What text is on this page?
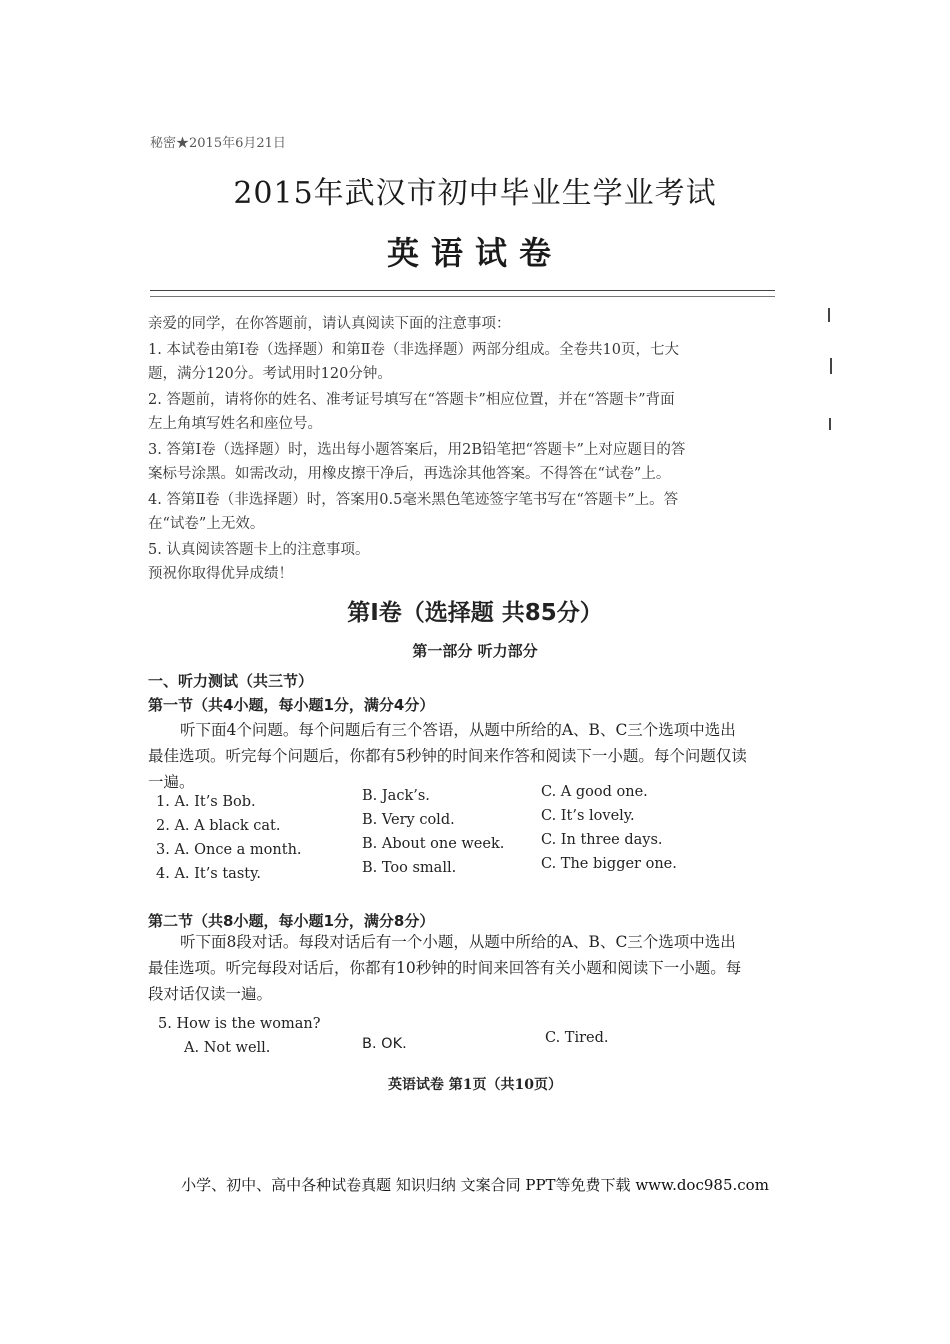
秘密★2015年6月21日
2015年武汉市初中毕业生学业考试
英语试卷
亲爱的同学，在你答题前，请认真阅读下面的注意事项：
1. 本试卷由第Ⅰ卷（选择题）和第Ⅱ卷（非选择题）两部分组成。全卷共10页，七大
题，满分120分。考试用时120分钟。
2. 答题前，请将你的姓名、准考证号填写在“答题卡”相应位置，并在“答题卡”背面
左上角填写姓名和座位号。
3. 答第Ⅰ卷（选择题）时，选出每小题答案后，用2B铅笔把“答题卡”上对应题目的答
案标号涂黑。如需改动，用橡皮擦干净后，再选涂其他答案。不得答在“试卷”上。
4. 答第Ⅱ卷（非选择题）时，答案用0.5毫米黑色笔迹签字笔书写在“答题卡”上。答
在“试卷”上无效。
5. 认真阅读答题卡上的注意事项。
预祝你取得优异成绩！
第Ⅰ卷（选择题 共85分）
第一部分 听力部分
一、听力测试（共三节）
第一节（共4小题，每小题1分，满分4分）
听下面4个问题。每个问题后有三个答语，从题中所给的A、B、C三个选项中选出
最佳选项。听完每个问题后，你都有5秒钟的时间来作答和阅读下一小题。每个问题仅读
一遍。
1. A. It’s Bob.	B. Jack’s.	C. A good one.
2. A. A black cat.	B. Very cold.	C. It’s lovely.
3. A. Once a month.	B. About one week.	C. In three days.
4. A. It’s tasty.	B. Too small.	C. The bigger one.
第二节（共8小题，每小题1分，满分8分）
听下面8段对话。每段对话后有一个小题，从题中所给的A、B、C三个选项中选出
最佳选项。听完每段对话后，你都有10秒钟的时间来回答有关小题和阅读下一小题。每
段对话仅读一遍。
5. How is the woman?
A. Not well.	B. OK.	C. Tired.
英语试卷 第1页（共10页）
小学、初中、高中各种试卷真题 知识归纳 文案合同 PPT等免费下载 www.doc985.com
